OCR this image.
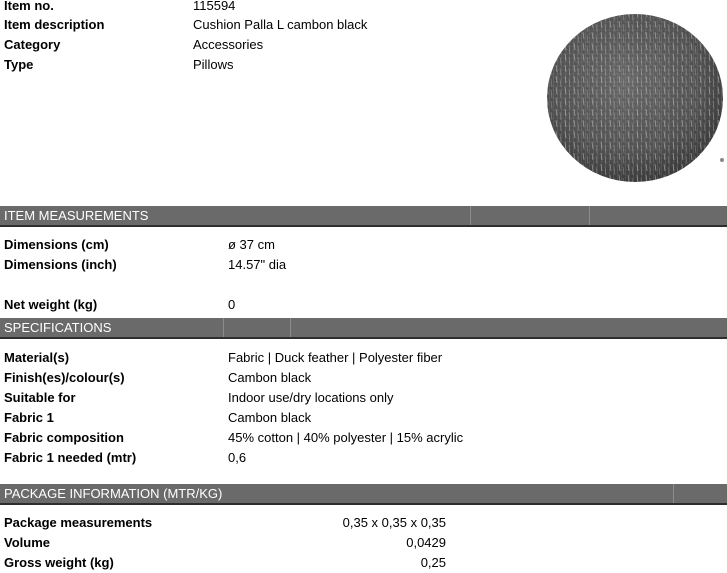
Item no.	115594
Item description	Cushion Palla L cambon black
Category	Accessories
Type	Pillows
ITEM MEASUREMENTS
Dimensions (cm)	ø 37 cm
Dimensions (inch)	14.57" dia
Net weight (kg)	0
SPECIFICATIONS
Material(s)	Fabric | Duck feather | Polyester fiber
Finish(es)/colour(s)	Cambon black
Suitable for	Indoor use/dry locations only
Fabric 1	Cambon black
Fabric composition	45% cotton | 40% polyester | 15% acrylic
Fabric 1 needed (mtr)	0,6
PACKAGE INFORMATION (MTR/KG)
Package measurements	0,35 x 0,35 x 0,35
Volume	0,0429
Gross weight (kg)	0,25
